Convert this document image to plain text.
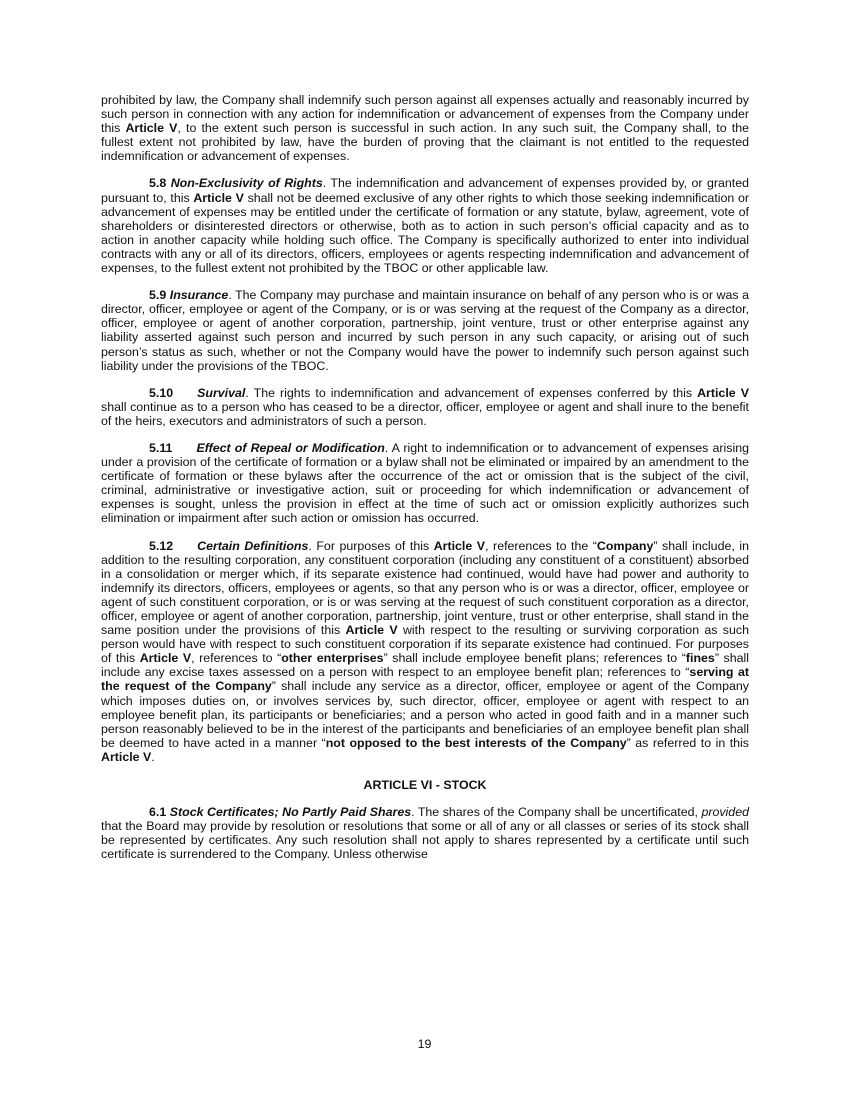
prohibited by law, the Company shall indemnify such person against all expenses actually and reasonably incurred by such person in connection with any action for indemnification or advancement of expenses from the Company under this Article V, to the extent such person is successful in such action. In any such suit, the Company shall, to the fullest extent not prohibited by law, have the burden of proving that the claimant is not entitled to the requested indemnification or advancement of expenses.

5.8 Non-Exclusivity of Rights. The indemnification and advancement of expenses provided by, or granted pursuant to, this Article V shall not be deemed exclusive of any other rights to which those seeking indemnification or advancement of expenses may be entitled under the certificate of formation or any statute, bylaw, agreement, vote of shareholders or disinterested directors or otherwise, both as to action in such person’s official capacity and as to action in another capacity while holding such office. The Company is specifically authorized to enter into individual contracts with any or all of its directors, officers, employees or agents respecting indemnification and advancement of expenses, to the fullest extent not prohibited by the TBOC or other applicable law.

5.9 Insurance. The Company may purchase and maintain insurance on behalf of any person who is or was a director, officer, employee or agent of the Company, or is or was serving at the request of the Company as a director, officer, employee or agent of another corporation, partnership, joint venture, trust or other enterprise against any liability asserted against such person and incurred by such person in any such capacity, or arising out of such person’s status as such, whether or not the Company would have the power to indemnify such person against such liability under the provisions of the TBOC.

5.10 Survival. The rights to indemnification and advancement of expenses conferred by this Article V shall continue as to a person who has ceased to be a director, officer, employee or agent and shall inure to the benefit of the heirs, executors and administrators of such a person.

5.11 Effect of Repeal or Modification. A right to indemnification or to advancement of expenses arising under a provision of the certificate of formation or a bylaw shall not be eliminated or impaired by an amendment to the certificate of formation or these bylaws after the occurrence of the act or omission that is the subject of the civil, criminal, administrative or investigative action, suit or proceeding for which indemnification or advancement of expenses is sought, unless the provision in effect at the time of such act or omission explicitly authorizes such elimination or impairment after such action or omission has occurred.

5.12 Certain Definitions. For purposes of this Article V, references to the “Company” shall include, in addition to the resulting corporation, any constituent corporation (including any constituent of a constituent) absorbed in a consolidation or merger which, if its separate existence had continued, would have had power and authority to indemnify its directors, officers, employees or agents, so that any person who is or was a director, officer, employee or agent of such constituent corporation, or is or was serving at the request of such constituent corporation as a director, officer, employee or agent of another corporation, partnership, joint venture, trust or other enterprise, shall stand in the same position under the provisions of this Article V with respect to the resulting or surviving corporation as such person would have with respect to such constituent corporation if its separate existence had continued. For purposes of this Article V, references to “other enterprises” shall include employee benefit plans; references to “fines” shall include any excise taxes assessed on a person with respect to an employee benefit plan; references to “serving at the request of the Company” shall include any service as a director, officer, employee or agent of the Company which imposes duties on, or involves services by, such director, officer, employee or agent with respect to an employee benefit plan, its participants or beneficiaries; and a person who acted in good faith and in a manner such person reasonably believed to be in the interest of the participants and beneficiaries of an employee benefit plan shall be deemed to have acted in a manner “not opposed to the best interests of the Company” as referred to in this Article V.

ARTICLE VI - STOCK

6.1 Stock Certificates; No Partly Paid Shares. The shares of the Company shall be uncertificated, provided that the Board may provide by resolution or resolutions that some or all of any or all classes or series of its stock shall be represented by certificates. Any such resolution shall not apply to shares represented by a certificate until such certificate is surrendered to the Company. Unless otherwise

19
